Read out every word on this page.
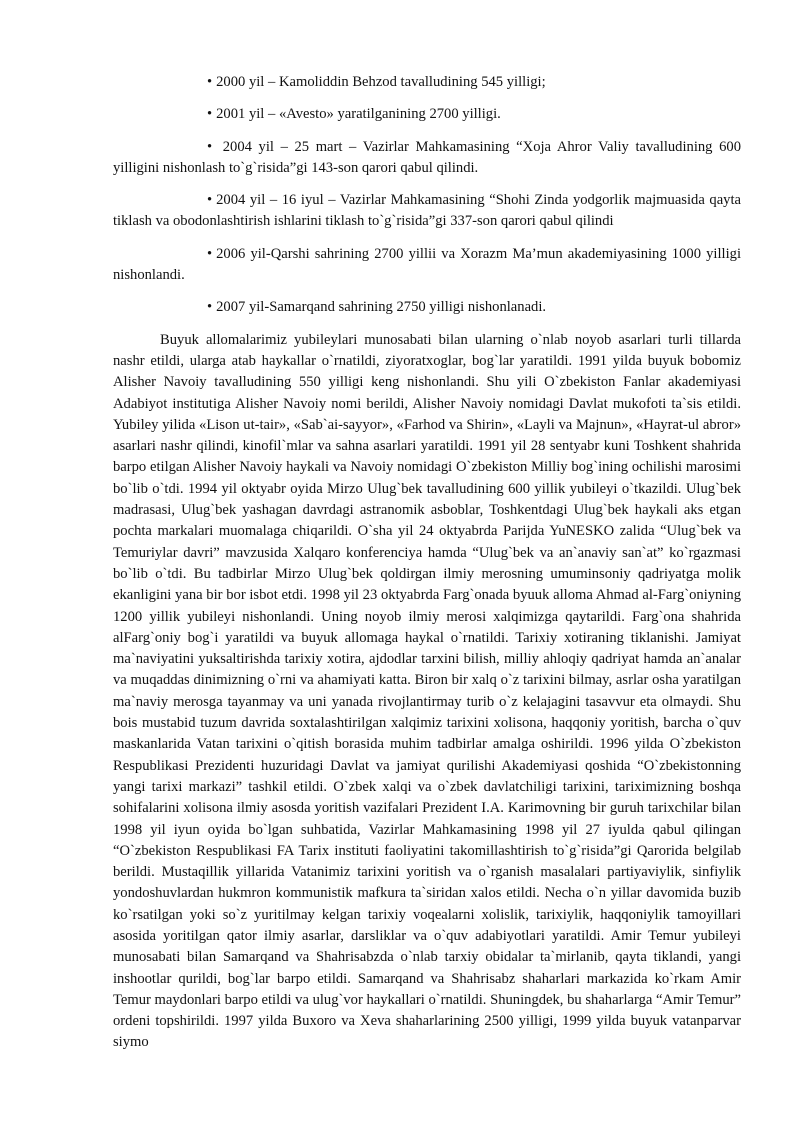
• 2000 yil – Kamoliddin Behzod tavalludining 545 yilligi;

• 2001 yil – «Avesto» yaratilganining 2700 yilligi.

• 2004 yil – 25 mart – Vazirlar Mahkamasining “Xoja Ahror Valiy tavalludining 600 yilligini nishonlash to`g`risida”gi 143-son qarori qabul qilindi.

• 2004 yil – 16 iyul – Vazirlar Mahkamasining “Shohi Zinda yodgorlik majmuasida qayta tiklash va obodonlashtirish ishlarini tiklash to`g`risida”gi 337-son qarori qabul qilindi

• 2006 yil-Qarshi sahrining 2700 yillii va Xorazm Ma’mun akademiyasining 1000 yilligi nishonlandi.

• 2007 yil-Samarqand sahrining 2750 yilligi nishonlanadi.

Buyuk allomalarimiz yubileylari munosabati bilan ularning o`nlab noyob asarlari turli tillarda nashr etildi, ularga atab haykallar o`rnatildi, ziyoratxoglar, bog`lar yaratildi. 1991 yilda buyuk bobomiz Alisher Navoiy tavalludining 550 yilligi keng nishonlandi. Shu yili O`zbekiston Fanlar akademiyasi Adabiyot institutiga Alisher Navoiy nomi berildi, Alisher Navoiy nomidagi Davlat mukofoti ta`sis etildi. Yubiley yilida «Lison ut-tair», «Sab`ai-sayyor», «Farhod va Shirin», «Layli va Majnun», «Hayrat-ul abror» asarlari nashr qilindi, kinofil`mlar va sahna asarlari yaratildi. 1991 yil 28 sentyabr kuni Toshkent shahrida barpo etilgan Alisher Navoiy haykali va Navoiy nomidagi O`zbekiston Milliy bog`ining ochilishi marosimi bo`lib o`tdi. 1994 yil oktyabr oyida Mirzo Ulug`bek tavalludining 600 yillik yubileyi o`tkazildi. Ulug`bek madrasasi, Ulug`bek yashagan davrdagi astranomik asboblar, Toshkentdagi Ulug`bek haykali aks etgan pochta markalari muomalaga chiqarildi. O`sha yil 24 oktyabrda Parijda YuNESKO zalida “Ulug`bek va Temuriylar davri” mavzusida Xalqaro konferenciya hamda “Ulug`bek va an`anaviy san`at” ko`rgazmasi bo`lib o`tdi. Bu tadbirlar Mirzo Ulug`bek qoldirgan ilmiy merosning umuminsoniy qadriyatga molik ekanligini yana bir bor isbot etdi. 1998 yil 23 oktyabrda Farg`onada byuuk alloma Ahmad al-Farg`oniyning 1200 yillik yubileyi nishonlandi. Uning noyob ilmiy merosi xalqimizga qaytarildi. Farg`ona shahrida alFarg`oniy bog`i yaratildi va buyuk allomaga haykal o`rnatildi. Tarixiy xotiraning tiklanishi. Jamiyat ma`naviyatini yuksaltirishda tarixiy xotira, ajdodlar tarxini bilish, milliy ahloqiy qadriyat hamda an`analar va muqaddas dinimizning o`rni va ahamiyati katta. Biron bir xalq o`z tarixini bilmay, asrlar osha yaratilgan ma`naviy merosga tayanmay va uni yanada rivojlantirmay turib o`z kelajagini tasavvur eta olmaydi. Shu bois mustabid tuzum davrida soxtalashtirilgan xalqimiz tarixini xolisona, haqqoniy yoritish, barcha o`quv maskanlarida Vatan tarixini o`qitish borasida muhim tadbirlar amalga oshirildi. 1996 yilda O`zbekiston Respublikasi Prezidenti huzuridagi Davlat va jamiyat qurilishi Akademiyasi qoshida “O`zbekistonning yangi tarixi markazi” tashkil etildi. O`zbek xalqi va o`zbek davlatchiligi tarixini, tariximizning boshqa sohifalarini xolisona ilmiy asosda yoritish vazifalari Prezident I.A. Karimovning bir guruh tarixchilar bilan 1998 yil iyun oyida bo`lgan suhbatida, Vazirlar Mahkamasining 1998 yil 27 iyulda qabul qilingan “O`zbekiston Respublikasi FA Tarix instituti faoliyatini takomillashtirish to`g`risida”gi Qarorida belgilab berildi. Mustaqillik yillarida Vatanimiz tarixini yoritish va o`rganish masalalari partiyaviylik, sinfiylik yondoshuvlardan hukmron kommunistik mafkura ta`siridan xalos etildi. Necha o`n yillar davomida buzib ko`rsatilgan yoki so`z yuritilmay kelgan tarixiy voqealarni xolislik, tarixiylik, haqqoniylik tamoyillari asosida yoritilgan qator ilmiy asarlar, darsliklar va o`quv adabiyotlari yaratildi. Amir Temur yubileyi munosabati bilan Samarqand va Shahrisabzda o`nlab tarxiy obidalar ta`mirlanib, qayta tiklandi, yangi inshootlar qurildi, bog`lar barpo etildi. Samarqand va Shahrisabz shaharlari markazida ko`rkam Amir Temur maydonlari barpo etildi va ulug`vor haykallari o`rnatildi. Shuningdek, bu shaharlarga “Amir Temur” ordeni topshirildi. 1997 yilda Buxoro va Xeva shaharlarining 2500 yilligi, 1999 yilda buyuk vatanparvar siymo
